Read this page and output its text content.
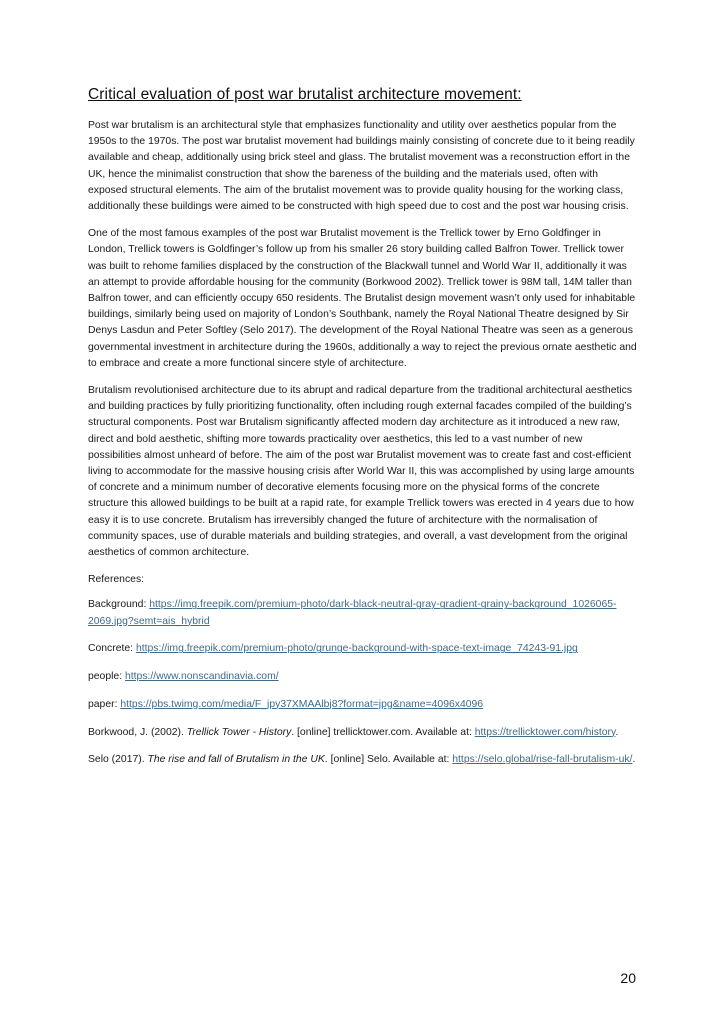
Critical evaluation of post war brutalist architecture movement:

Post war brutalism is an architectural style that emphasizes functionality and utility over aesthetics popular from the 1950s to the 1970s. The post war brutalist movement had buildings mainly consisting of concrete due to it being readily available and cheap, additionally using brick steel and glass. The brutalist movement was a reconstruction effort in the UK, hence the minimalist construction that show the bareness of the building and the materials used, often with exposed structural elements. The aim of the brutalist movement was to provide quality housing for the working class, additionally these buildings were aimed to be constructed with high speed due to cost and the post war housing crisis.

One of the most famous examples of the post war Brutalist movement is the Trellick tower by Erno Goldfinger in London, Trellick towers is Goldfinger’s follow up from his smaller 26 story building called Balfron Tower. Trellick tower was built to rehome families displaced by the construction of the Blackwall tunnel and World War II, additionally it was an attempt to provide affordable housing for the community (Borkwood 2002). Trellick tower is 98M tall, 14M taller than Balfron tower, and can efficiently occupy 650 residents. The Brutalist design movement wasn’t only used for inhabitable buildings, similarly being used on majority of London’s Southbank, namely the Royal National Theatre designed by Sir Denys Lasdun and Peter Softley (Selo 2017). The development of the Royal National Theatre was seen as a generous governmental investment in architecture during the 1960s, additionally a way to reject the previous ornate aesthetic and to embrace and create a more functional sincere style of architecture.

Brutalism revolutionised architecture due to its abrupt and radical departure from the traditional architectural aesthetics and building practices by fully prioritizing functionality, often including rough external facades compiled of the building’s structural components. Post war Brutalism significantly affected modern day architecture as it introduced a new raw, direct and bold aesthetic, shifting more towards practicality over aesthetics, this led to a vast number of new possibilities almost unheard of before. The aim of the post war Brutalist movement was to create fast and cost-efficient living to accommodate for the massive housing crisis after World War II, this was accomplished by using large amounts of concrete and a minimum number of decorative elements focusing more on the physical forms of the concrete structure this allowed buildings to be built at a rapid rate, for example Trellick towers was erected in 4 years due to how easy it is to use concrete. Brutalism has irreversibly changed the future of architecture with the normalisation of community spaces, use of durable materials and building strategies, and overall, a vast development from the original aesthetics of common architecture.

References:

Background: https://img.freepik.com/premium-photo/dark-black-neutral-gray-gradient-grainy-background_1026065-2069.jpg?semt=ais_hybrid

Concrete: https://img.freepik.com/premium-photo/grunge-background-with-space-text-image_74243-91.jpg

people: https://www.nonscandinavia.com/

paper: https://pbs.twimg.com/media/F_jpy37XMAAlbj8?format=jpg&name=4096x4096

Borkwood, J. (2002). Trellick Tower - History. [online] trellicktower.com. Available at: https://trellicktower.com/history.

Selo (2017). The rise and fall of Brutalism in the UK. [online] Selo. Available at: https://selo.global/rise-fall-brutalism-uk/.

20
